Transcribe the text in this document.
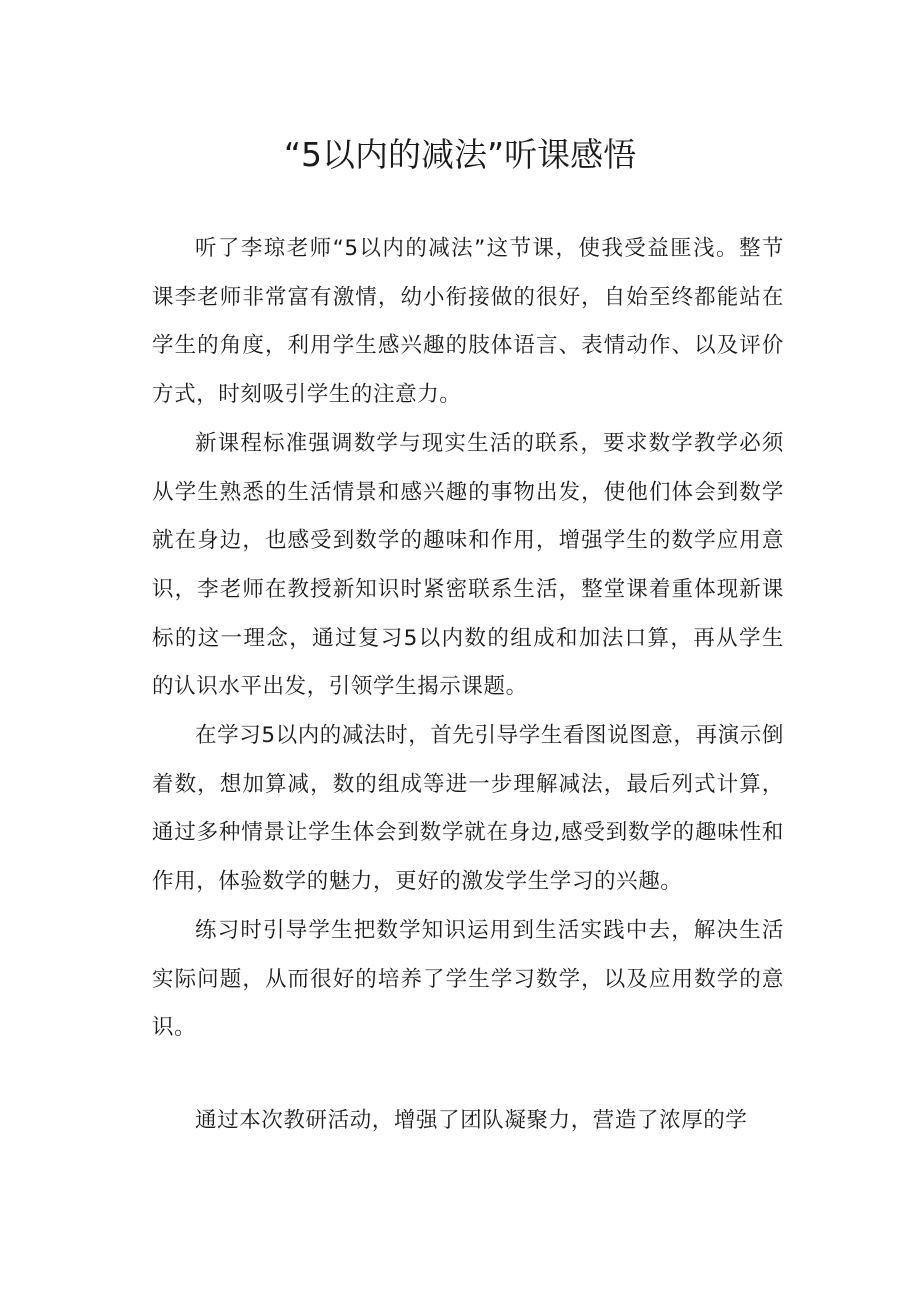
“5以内的减法”听课感悟

听了李琼老师“5以内的减法”这节课，使我受益匪浅。整节课李老师非常富有激情，幼小衔接做的很好，自始至终都能站在学生的角度，利用学生感兴趣的肢体语言、表情动作、以及评价方式，时刻吸引学生的注意力。

新课程标准强调数学与现实生活的联系，要求数学教学必须从学生熟悉的生活情景和感兴趣的事物出发，使他们体会到数学就在身边，也感受到数学的趣味和作用，增强学生的数学应用意识，李老师在教授新知识时紧密联系生活，整堂课着重体现新课标的这一理念，通过复习5以内数的组成和加法口算，再从学生的认识水平出发，引领学生揭示课题。

在学习5以内的减法时，首先引导学生看图说图意，再演示倒着数，想加算减，数的组成等进一步理解减法，最后列式计算，通过多种情景让学生体会到数学就在身边,感受到数学的趣味性和作用，体验数学的魅力，更好的激发学生学习的兴趣。

练习时引导学生把数学知识运用到生活实践中去，解决生活实际问题，从而很好的培养了学生学习数学，以及应用数学的意识。

通过本次教研活动，增强了团队凝聚力，营造了浓厚的学
